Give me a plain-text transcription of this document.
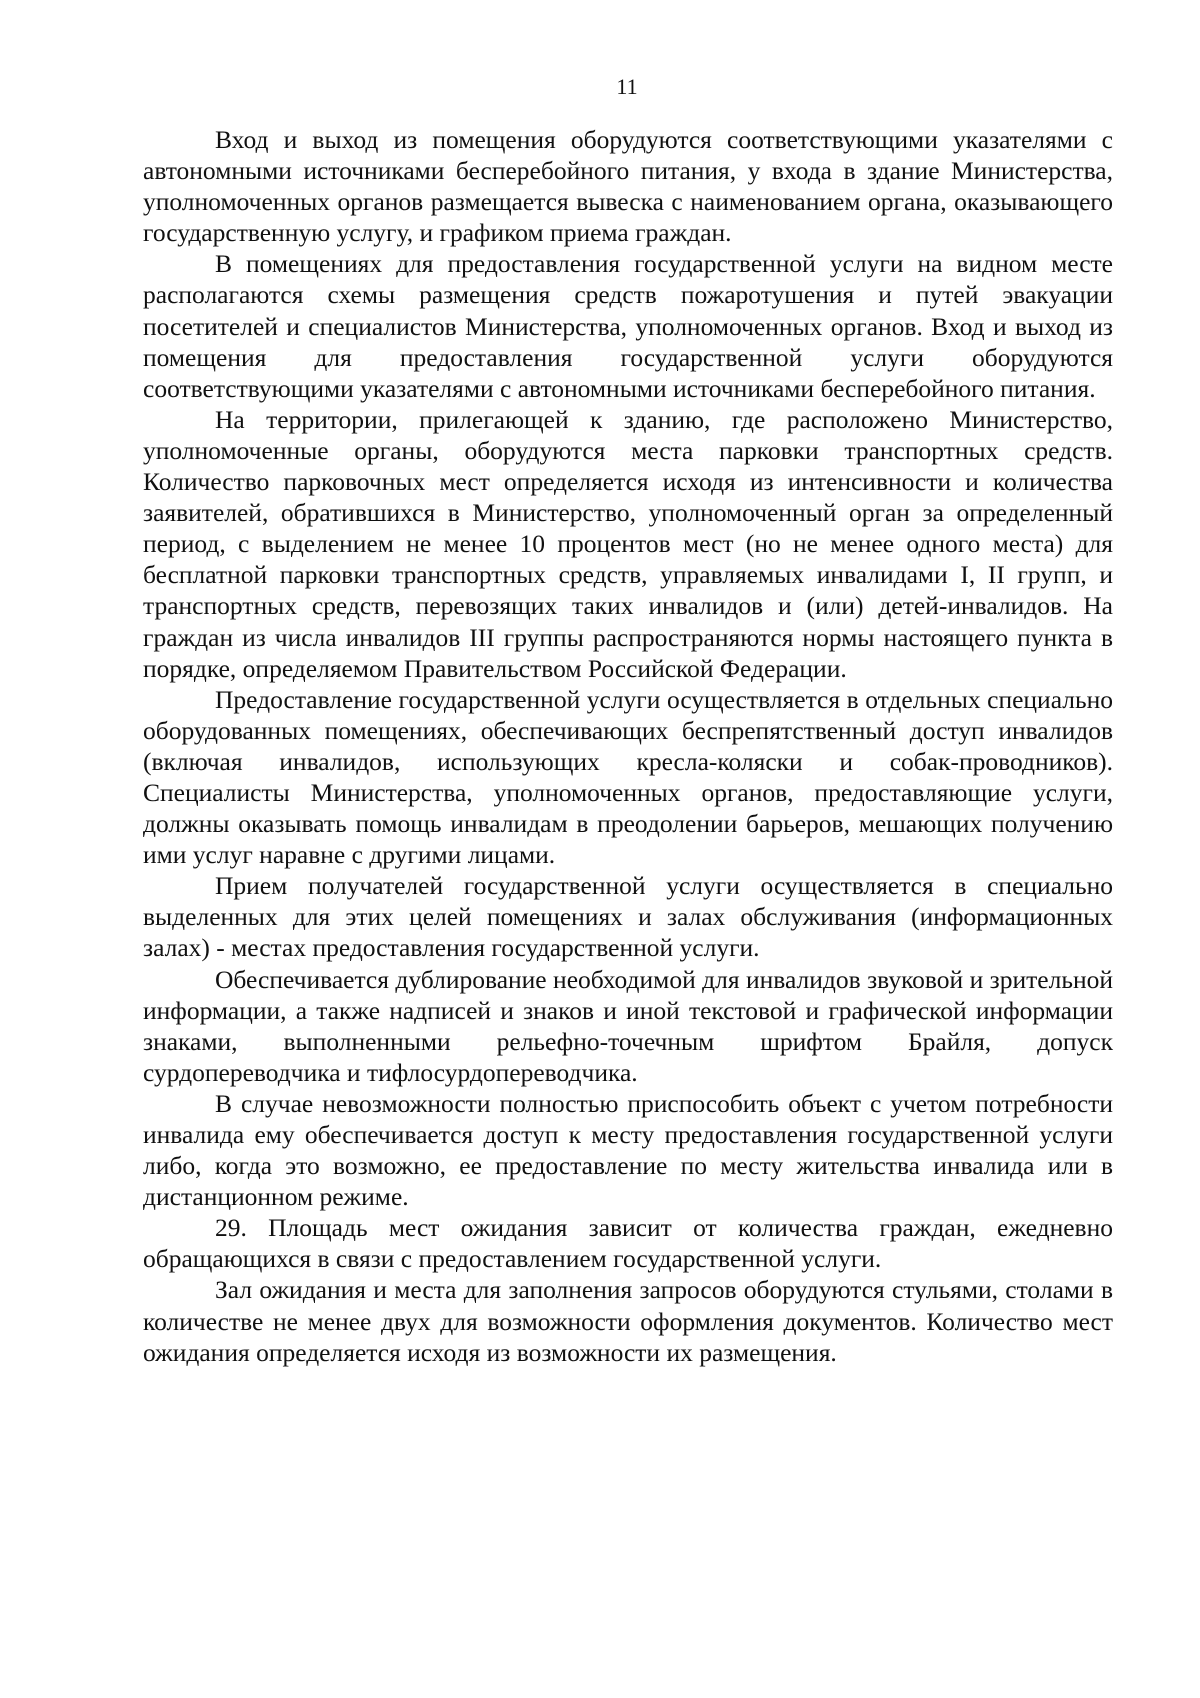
11

Вход и выход из помещения оборудуются соответствующими указателями с автономными источниками бесперебойного питания, у входа в здание Министерства, уполномоченных органов размещается вывеска с наименованием органа, оказывающего государственную услугу, и графиком приема граждан.

В помещениях для предоставления государственной услуги на видном месте располагаются схемы размещения средств пожаротушения и путей эвакуации посетителей и специалистов Министерства, уполномоченных органов. Вход и выход из помещения для предоставления государственной услуги оборудуются соответствующими указателями с автономными источниками бесперебойного питания.

На территории, прилегающей к зданию, где расположено Министерство, уполномоченные органы, оборудуются места парковки транспортных средств. Количество парковочных мест определяется исходя из интенсивности и количества заявителей, обратившихся в Министерство, уполномоченный орган за определенный период, с выделением не менее 10 процентов мест (но не менее одного места) для бесплатной парковки транспортных средств, управляемых инвалидами I, II групп, и транспортных средств, перевозящих таких инвалидов и (или) детей-инвалидов. На граждан из числа инвалидов III группы распространяются нормы настоящего пункта в порядке, определяемом Правительством Российской Федерации.

Предоставление государственной услуги осуществляется в отдельных специально оборудованных помещениях, обеспечивающих беспрепятственный доступ инвалидов (включая инвалидов, использующих кресла-коляски и собак-проводников). Специалисты Министерства, уполномоченных органов, предоставляющие услуги, должны оказывать помощь инвалидам в преодолении барьеров, мешающих получению ими услуг наравне с другими лицами.

Прием получателей государственной услуги осуществляется в специально выделенных для этих целей помещениях и залах обслуживания (информационных залах) - местах предоставления государственной услуги.

Обеспечивается дублирование необходимой для инвалидов звуковой и зрительной информации, а также надписей и знаков и иной текстовой и графической информации знаками, выполненными рельефно-точечным шрифтом Брайля, допуск сурдопереводчика и тифлосурдопереводчика.

В случае невозможности полностью приспособить объект с учетом потребности инвалида ему обеспечивается доступ к месту предоставления государственной услуги либо, когда это возможно, ее предоставление по месту жительства инвалида или в дистанционном режиме.

29. Площадь мест ожидания зависит от количества граждан, ежедневно обращающихся в связи с предоставлением государственной услуги.

Зал ожидания и места для заполнения запросов оборудуются стульями, столами в количестве не менее двух для возможности оформления документов. Количество мест ожидания определяется исходя из возможности их размещения.
